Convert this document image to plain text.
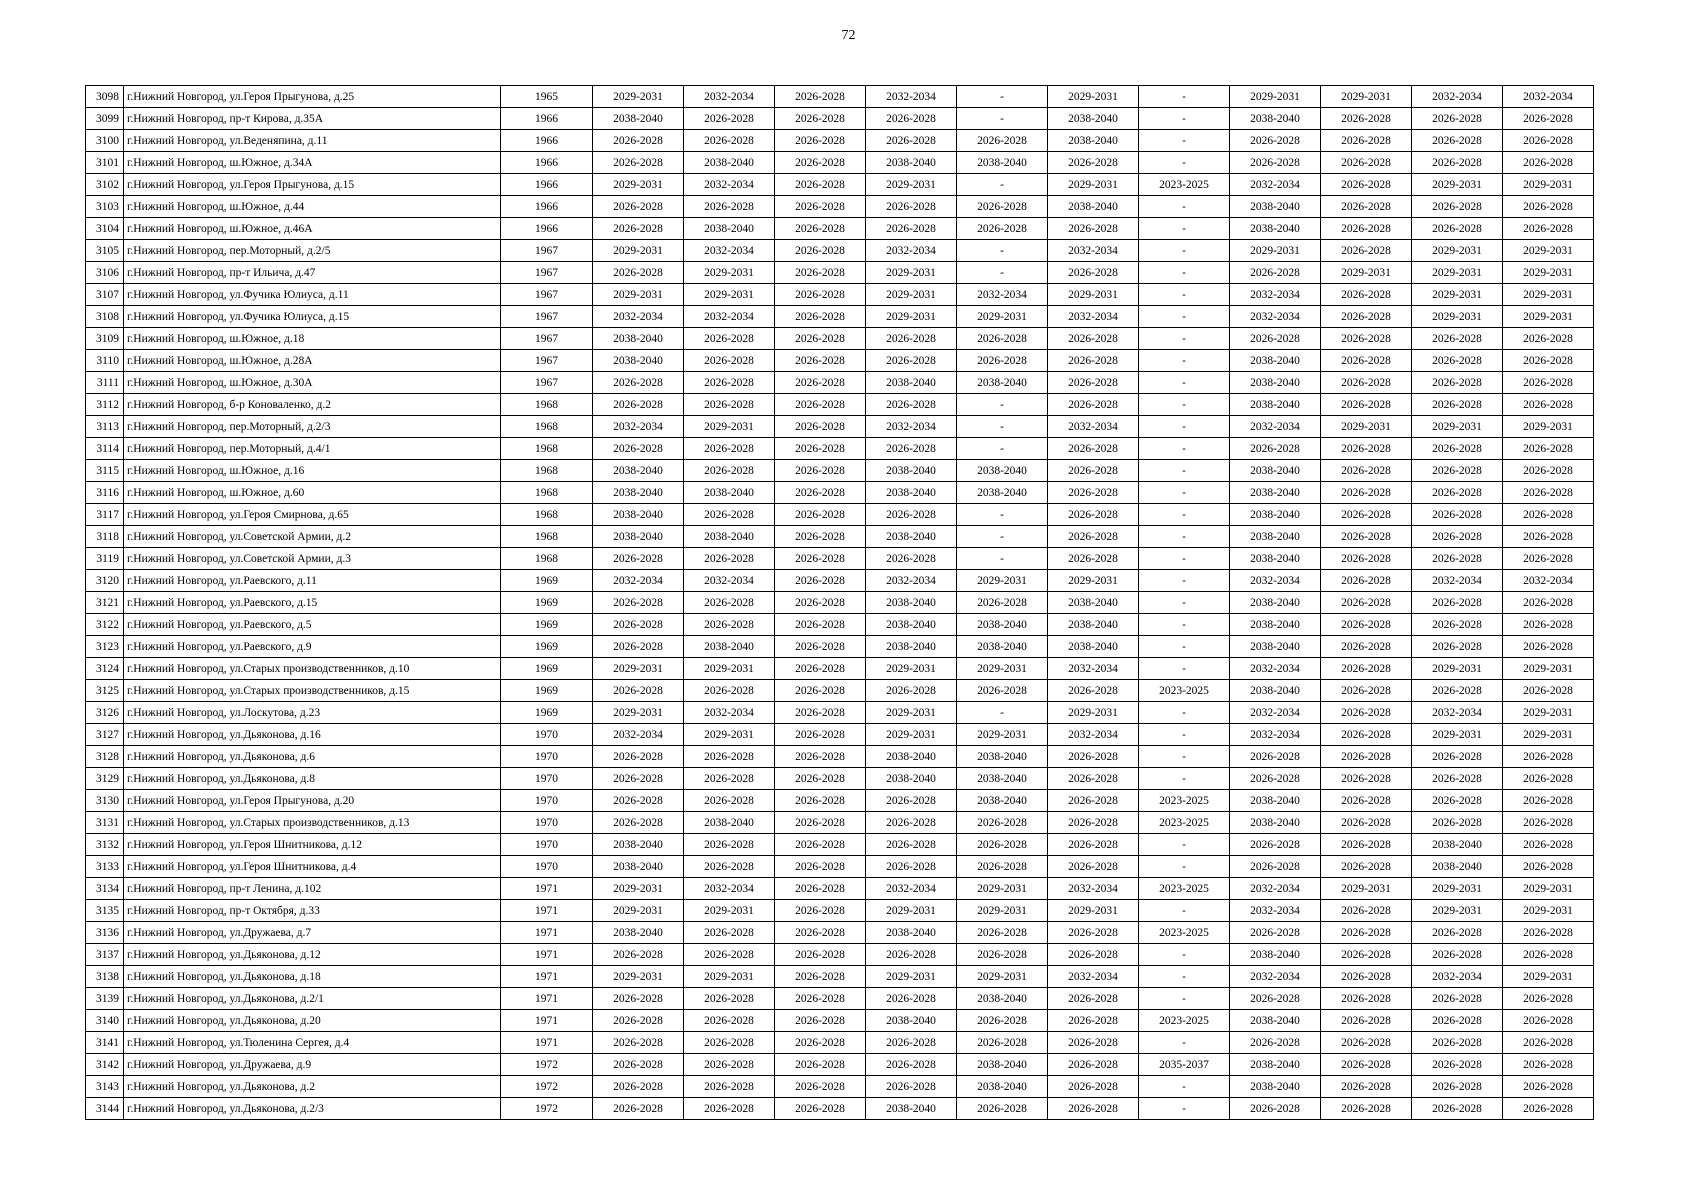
72
3098	г.Нижний Новгород, ул.Героя Прыгунова, д.25	1965	2029-2031	2032-2034	2026-2028	2032-2034	-	2029-2031	-	2029-2031	2029-2031	2032-2034	2032-2034
3099	г.Нижний Новгород, пр-т Кирова, д.35А	1966	2038-2040	2026-2028	2026-2028	2026-2028	-	2038-2040	-	2038-2040	2026-2028	2026-2028	2026-2028
3100	г.Нижний Новгород, ул.Веденяпина, д.11	1966	2026-2028	2026-2028	2026-2028	2026-2028	2026-2028	2038-2040	-	2026-2028	2026-2028	2026-2028	2026-2028
3101	г.Нижний Новгород, ш.Южное, д.34А	1966	2026-2028	2038-2040	2026-2028	2038-2040	2038-2040	2026-2028	-	2026-2028	2026-2028	2026-2028	2026-2028
3102	г.Нижний Новгород, ул.Героя Прыгунова, д.15	1966	2029-2031	2032-2034	2026-2028	2029-2031	-	2029-2031	2023-2025	2032-2034	2026-2028	2029-2031	2029-2031
3103	г.Нижний Новгород, ш.Южное, д.44	1966	2026-2028	2026-2028	2026-2028	2026-2028	2026-2028	2038-2040	-	2038-2040	2026-2028	2026-2028	2026-2028
3104	г.Нижний Новгород, ш.Южное, д.46А	1966	2026-2028	2038-2040	2026-2028	2026-2028	2026-2028	2026-2028	-	2038-2040	2026-2028	2026-2028	2026-2028
3105	г.Нижний Новгород, пер.Моторный, д.2/5	1967	2029-2031	2032-2034	2026-2028	2032-2034	-	2032-2034	-	2029-2031	2026-2028	2029-2031	2029-2031
3106	г.Нижний Новгород, пр-т Ильича, д.47	1967	2026-2028	2029-2031	2026-2028	2029-2031	-	2026-2028	-	2026-2028	2029-2031	2029-2031	2029-2031
3107	г.Нижний Новгород, ул.Фучика Юлиуса, д.11	1967	2029-2031	2029-2031	2026-2028	2029-2031	2032-2034	2029-2031	-	2032-2034	2026-2028	2029-2031	2029-2031
3108	г.Нижний Новгород, ул.Фучика Юлиуса, д.15	1967	2032-2034	2032-2034	2026-2028	2029-2031	2029-2031	2032-2034	-	2032-2034	2026-2028	2029-2031	2029-2031
3109	г.Нижний Новгород, ш.Южное, д.18	1967	2038-2040	2026-2028	2026-2028	2026-2028	2026-2028	2026-2028	-	2026-2028	2026-2028	2026-2028	2026-2028
3110	г.Нижний Новгород, ш.Южное, д.28А	1967	2038-2040	2026-2028	2026-2028	2026-2028	2026-2028	2026-2028	-	2038-2040	2026-2028	2026-2028	2026-2028
3111	г.Нижний Новгород, ш.Южное, д.30А	1967	2026-2028	2026-2028	2026-2028	2038-2040	2038-2040	2026-2028	-	2038-2040	2026-2028	2026-2028	2026-2028
3112	г.Нижний Новгород, б-р Коноваленко, д.2	1968	2026-2028	2026-2028	2026-2028	2026-2028	-	2026-2028	-	2038-2040	2026-2028	2026-2028	2026-2028
3113	г.Нижний Новгород, пер.Моторный, д.2/3	1968	2032-2034	2029-2031	2026-2028	2032-2034	-	2032-2034	-	2032-2034	2029-2031	2029-2031	2029-2031
3114	г.Нижний Новгород, пер.Моторный, д.4/1	1968	2026-2028	2026-2028	2026-2028	2026-2028	-	2026-2028	-	2026-2028	2026-2028	2026-2028	2026-2028
3115	г.Нижний Новгород, ш.Южное, д.16	1968	2038-2040	2026-2028	2026-2028	2038-2040	2038-2040	2026-2028	-	2038-2040	2026-2028	2026-2028	2026-2028
3116	г.Нижний Новгород, ш.Южное, д.60	1968	2038-2040	2038-2040	2026-2028	2038-2040	2038-2040	2026-2028	-	2038-2040	2026-2028	2026-2028	2026-2028
3117	г.Нижний Новгород, ул.Героя Смирнова, д.65	1968	2038-2040	2026-2028	2026-2028	2026-2028	-	2026-2028	-	2038-2040	2026-2028	2026-2028	2026-2028
3118	г.Нижний Новгород, ул.Советской Армии, д.2	1968	2038-2040	2038-2040	2026-2028	2038-2040	-	2026-2028	-	2038-2040	2026-2028	2026-2028	2026-2028
3119	г.Нижний Новгород, ул.Советской Армии, д.3	1968	2026-2028	2026-2028	2026-2028	2026-2028	-	2026-2028	-	2038-2040	2026-2028	2026-2028	2026-2028
3120	г.Нижний Новгород, ул.Раевского, д.11	1969	2032-2034	2032-2034	2026-2028	2032-2034	2029-2031	2029-2031	-	2032-2034	2026-2028	2032-2034	2032-2034
3121	г.Нижний Новгород, ул.Раевского, д.15	1969	2026-2028	2026-2028	2026-2028	2038-2040	2026-2028	2038-2040	-	2038-2040	2026-2028	2026-2028	2026-2028
3122	г.Нижний Новгород, ул.Раевского, д.5	1969	2026-2028	2026-2028	2026-2028	2038-2040	2038-2040	2038-2040	-	2038-2040	2026-2028	2026-2028	2026-2028
3123	г.Нижний Новгород, ул.Раевского, д.9	1969	2026-2028	2038-2040	2026-2028	2038-2040	2038-2040	2038-2040	-	2038-2040	2026-2028	2026-2028	2026-2028
3124	г.Нижний Новгород, ул.Старых производственников, д.10	1969	2029-2031	2029-2031	2026-2028	2029-2031	2029-2031	2032-2034	-	2032-2034	2026-2028	2029-2031	2029-2031
3125	г.Нижний Новгород, ул.Старых производственников, д.15	1969	2026-2028	2026-2028	2026-2028	2026-2028	2026-2028	2026-2028	2023-2025	2038-2040	2026-2028	2026-2028	2026-2028
3126	г.Нижний Новгород, ул.Лоскутова, д.23	1969	2029-2031	2032-2034	2026-2028	2029-2031	-	2029-2031	-	2032-2034	2026-2028	2032-2034	2029-2031
3127	г.Нижний Новгород, ул.Дьяконова, д.16	1970	2032-2034	2029-2031	2026-2028	2029-2031	2029-2031	2032-2034	-	2032-2034	2026-2028	2029-2031	2029-2031
3128	г.Нижний Новгород, ул.Дьяконова, д.6	1970	2026-2028	2026-2028	2026-2028	2038-2040	2038-2040	2026-2028	-	2026-2028	2026-2028	2026-2028	2026-2028
3129	г.Нижний Новгород, ул.Дьяконова, д.8	1970	2026-2028	2026-2028	2026-2028	2038-2040	2038-2040	2026-2028	-	2026-2028	2026-2028	2026-2028	2026-2028
3130	г.Нижний Новгород, ул.Героя Прыгунова, д.20	1970	2026-2028	2026-2028	2026-2028	2026-2028	2038-2040	2026-2028	2023-2025	2038-2040	2026-2028	2026-2028	2026-2028
3131	г.Нижний Новгород, ул.Старых производственников, д.13	1970	2026-2028	2038-2040	2026-2028	2026-2028	2026-2028	2026-2028	2023-2025	2038-2040	2026-2028	2026-2028	2026-2028
3132	г.Нижний Новгород, ул.Героя Шнитникова, д.12	1970	2038-2040	2026-2028	2026-2028	2026-2028	2026-2028	2026-2028	-	2026-2028	2026-2028	2038-2040	2026-2028
3133	г.Нижний Новгород, ул.Героя Шнитникова, д.4	1970	2038-2040	2026-2028	2026-2028	2026-2028	2026-2028	2026-2028	-	2026-2028	2026-2028	2038-2040	2026-2028
3134	г.Нижний Новгород, пр-т Ленина, д.102	1971	2029-2031	2032-2034	2026-2028	2032-2034	2029-2031	2032-2034	2023-2025	2032-2034	2029-2031	2029-2031	2029-2031
3135	г.Нижний Новгород, пр-т Октября, д.33	1971	2029-2031	2029-2031	2026-2028	2029-2031	2029-2031	2029-2031	-	2032-2034	2026-2028	2029-2031	2029-2031
3136	г.Нижний Новгород, ул.Дружаева, д.7	1971	2038-2040	2026-2028	2026-2028	2038-2040	2026-2028	2026-2028	2023-2025	2026-2028	2026-2028	2026-2028	2026-2028
3137	г.Нижний Новгород, ул.Дьяконова, д.12	1971	2026-2028	2026-2028	2026-2028	2026-2028	2026-2028	2026-2028	-	2038-2040	2026-2028	2026-2028	2026-2028
3138	г.Нижний Новгород, ул.Дьяконова, д.18	1971	2029-2031	2029-2031	2026-2028	2029-2031	2029-2031	2032-2034	-	2032-2034	2026-2028	2032-2034	2029-2031
3139	г.Нижний Новгород, ул.Дьяконова, д.2/1	1971	2026-2028	2026-2028	2026-2028	2026-2028	2038-2040	2026-2028	-	2026-2028	2026-2028	2026-2028	2026-2028
3140	г.Нижний Новгород, ул.Дьяконова, д.20	1971	2026-2028	2026-2028	2026-2028	2038-2040	2026-2028	2026-2028	2023-2025	2038-2040	2026-2028	2026-2028	2026-2028
3141	г.Нижний Новгород, ул.Тюленина Сергея, д.4	1971	2026-2028	2026-2028	2026-2028	2026-2028	2026-2028	2026-2028	-	2026-2028	2026-2028	2026-2028	2026-2028
3142	г.Нижний Новгород, ул.Дружаева, д.9	1972	2026-2028	2026-2028	2026-2028	2026-2028	2038-2040	2026-2028	2035-2037	2038-2040	2026-2028	2026-2028	2026-2028
3143	г.Нижний Новгород, ул.Дьяконова, д.2	1972	2026-2028	2026-2028	2026-2028	2026-2028	2038-2040	2026-2028	-	2038-2040	2026-2028	2026-2028	2026-2028
3144	г.Нижний Новгород, ул.Дьяконова, д.2/3	1972	2026-2028	2026-2028	2026-2028	2038-2040	2026-2028	2026-2028	-	2026-2028	2026-2028	2026-2028	2026-2028
